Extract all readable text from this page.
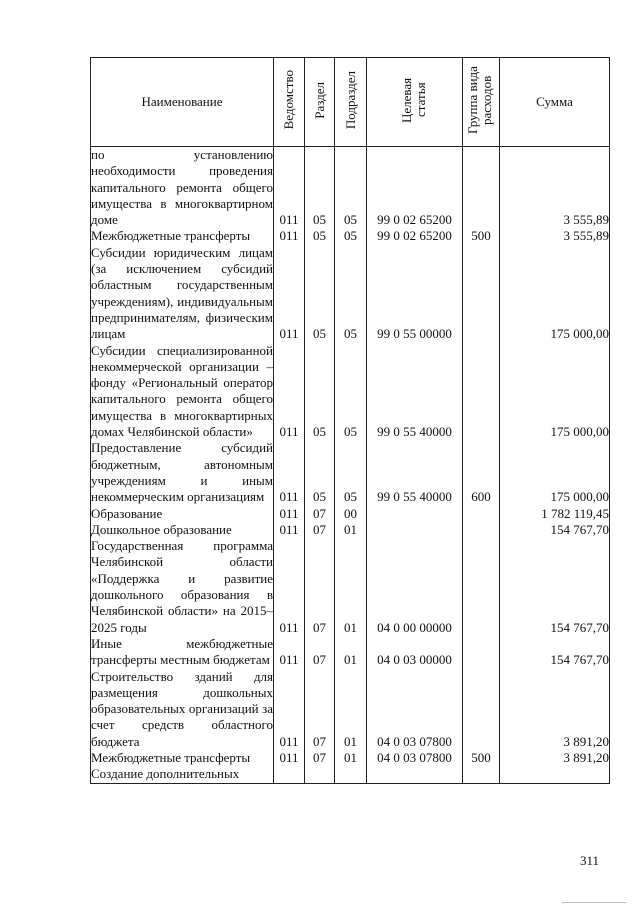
Наименование	Ведомство	Раздел	Подраздел	Целевая статья	Группа вида расходов	Сумма
по установлению необходимости проведения капитального ремонта общего имущества в многоквартирном доме	011	05	05	99 0 02 65200		3 555,89
Межбюджетные трансферты	011	05	05	99 0 02 65200	500	3 555,89
Субсидии юридическим лицам (за исключением субсидий областным государственным учреждениям), индивидуальным предпринимателям, физическим лицам	011	05	05	99 0 55 00000		175 000,00
Субсидии специализированной некоммерческой организации – фонду «Региональный оператор капитального ремонта общего имущества в многоквартирных домах Челябинской области»	011	05	05	99 0 55 40000		175 000,00
Предоставление субсидий бюджетным, автономным учреждениям и иным некоммерческим организациям	011	05	05	99 0 55 40000	600	175 000,00
Образование	011	07	00			1 782 119,45
Дошкольное образование	011	07	01			154 767,70
Государственная программа Челябинской области «Поддержка и развитие дошкольного образования в Челябинской области» на 2015–2025 годы	011	07	01	04 0 00 00000		154 767,70
Иные межбюджетные трансферты местным бюджетам	011	07	01	04 0 03 00000		154 767,70
Строительство зданий для размещения дошкольных образовательных организаций за счет средств областного бюджета	011	07	01	04 0 03 07800		3 891,20
Межбюджетные трансферты	011	07	01	04 0 03 07800	500	3 891,20
Создание дополнительных						
311
